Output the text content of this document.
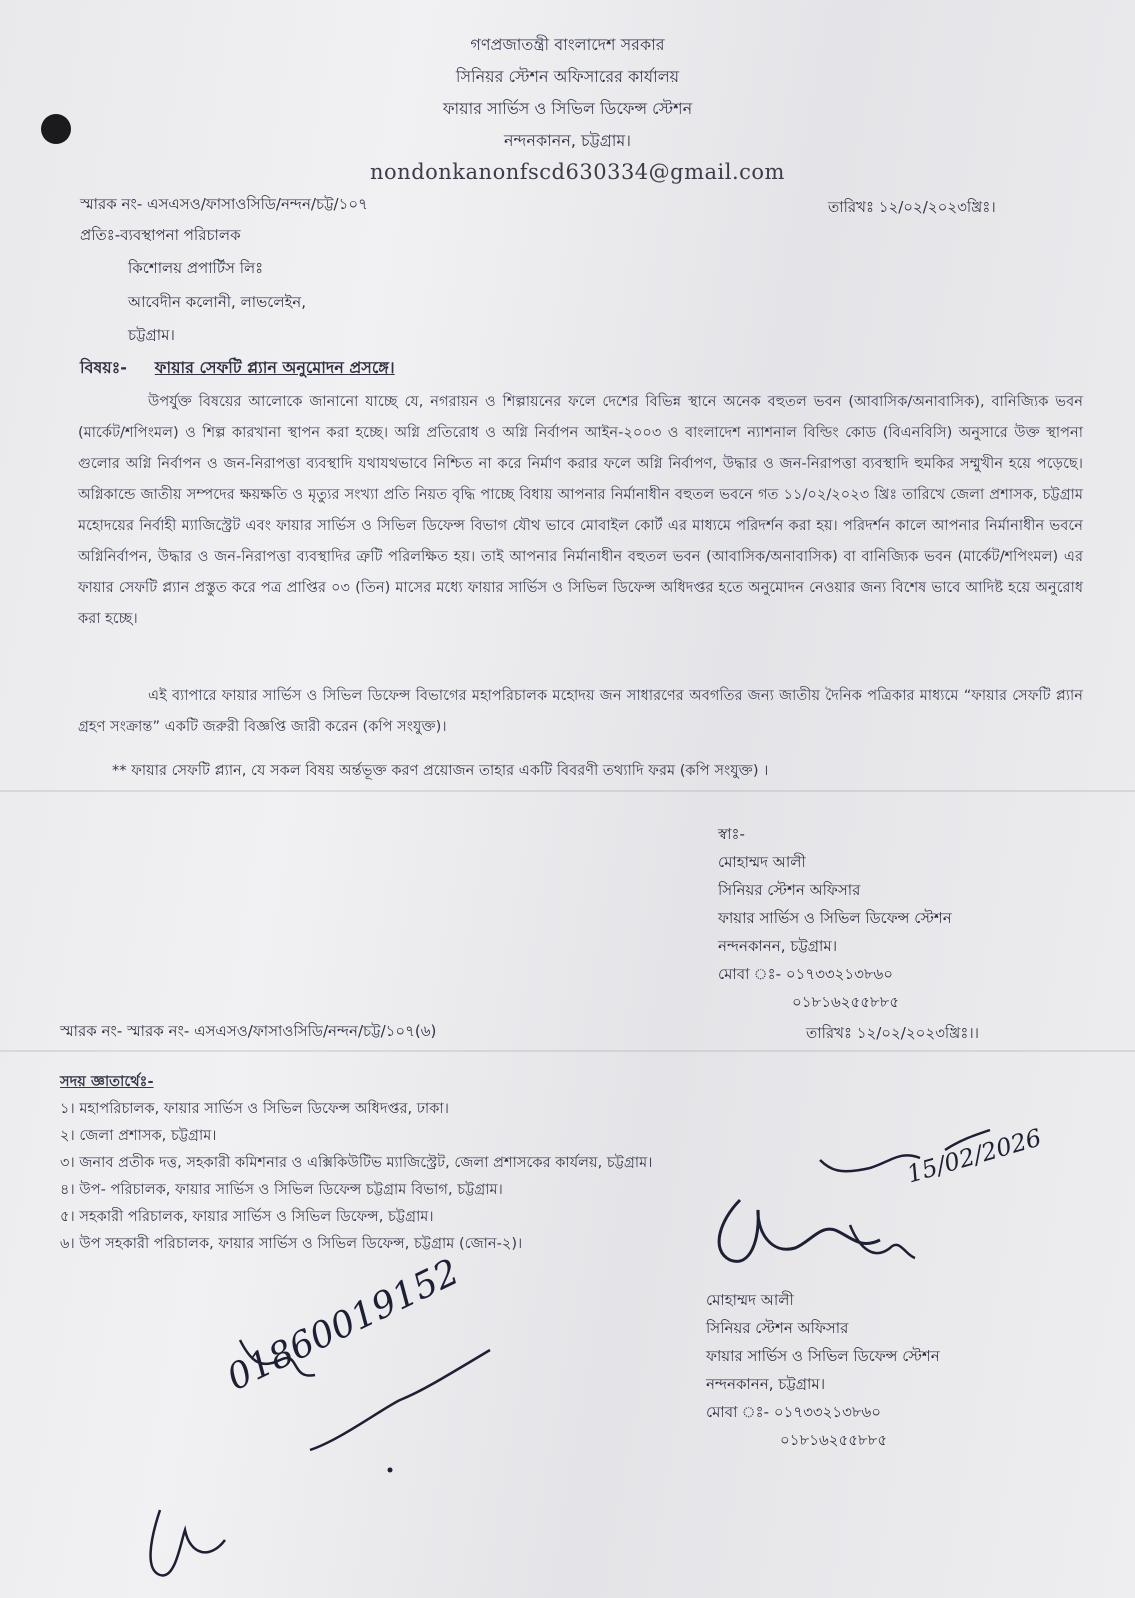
গণপ্রজাতন্ত্রী বাংলাদেশ সরকার
সিনিয়র স্টেশন অফিসারের কার্যালয়
ফায়ার সার্ভিস ও সিভিল ডিফেন্স স্টেশন
নন্দনকানন, চট্টগ্রাম।
nondonkanonfscd630334@gmail.com
স্মারক নং- এসএসও/ফাসাওসিডি/নন্দন/চট্ট/১০৭	তারিখঃ ১২/০২/২০২৩খ্রিঃ।
প্রতিঃ-ব্যবস্থাপনা পরিচালক
কিশোলয় প্রপার্টিস লিঃ
আবেদীন কলোনী, লাভলেইন,
চট্টগ্রাম।
বিষয়ঃ- ফায়ার সেফটি প্ল্যান অনুমোদন প্রসঙ্গে।
উপর্যুক্ত বিষয়ের আলোকে জানানো যাচ্ছে যে, নগরায়ন ও শিল্পায়নের ফলে দেশের বিভিন্ন স্থানে অনেক বহুতল ভবন (আবাসিক/অনাবাসিক), বানিজ্যিক ভবন (মার্কেট/শপিংমল) ও শিল্প কারখানা স্থাপন করা হচ্ছে। অগ্নি প্রতিরোধ ও অগ্নি নির্বাপন আইন-২০০৩ ও বাংলাদেশ ন্যাশনাল বিল্ডিং কোড (বিএনবিসি) অনুসারে উক্ত স্থাপনা গুলোর অগ্নি নির্বাপন ও জন-নিরাপত্তা ব্যবস্থাদি যথাযথভাবে নিশ্চিত না করে নির্মাণ করার ফলে অগ্নি নির্বাপণ, উদ্ধার ও জন-নিরাপত্তা ব্যবস্থাদি হুমকির সম্মুখীন হয়ে পড়েছে। অগ্নিকান্ডে জাতীয় সম্পদের ক্ষয়ক্ষতি ও মৃত্যুর সংখ্যা প্রতি নিয়ত বৃদ্ধি পাচ্ছে বিধায় আপনার নির্মানাধীন বহুতল ভবনে গত ১১/০২/২০২৩ খ্রিঃ তারিখে জেলা প্রশাসক, চট্টগ্রাম মহোদয়ের নির্বাহী ম্যাজিস্ট্রেট এবং ফায়ার সার্ভিস ও সিভিল ডিফেন্স বিভাগ যৌথ ভাবে মোবাইল কোর্ট এর মাধ্যমে পরিদর্শন করা হয়। পরিদর্শন কালে আপনার নির্মানাধীন ভবনে অগ্নিনির্বাপন, উদ্ধার ও জন-নিরাপত্তা ব্যবস্থাদির ত্রুটি পরিলক্ষিত হয়। তাই আপনার নির্মানাধীন বহুতল ভবন (আবাসিক/অনাবাসিক) বা বানিজ্যিক ভবন (মার্কেট/শপিংমল) এর ফায়ার সেফটি প্ল্যান প্রস্তুত করে পত্র প্রাপ্তির ০৩ (তিন) মাসের মধ্যে ফায়ার সার্ভিস ও সিভিল ডিফেন্স অধিদপ্তর হতে অনুমোদন নেওয়ার জন্য বিশেষ ভাবে আদিষ্ট হয়ে অনুরোধ করা হচ্ছে।
এই ব্যাপারে ফায়ার সার্ভিস ও সিভিল ডিফেন্স বিভাগের মহাপরিচালক মহোদয় জন সাধারণের অবগতির জন্য জাতীয় দৈনিক পত্রিকার মাধ্যমে “ফায়ার সেফটি প্ল্যান গ্রহণ সংক্রান্ত” একটি জরুরী বিজ্ঞপ্তি জারী করেন (কপি সংযুক্ত)।
** ফায়ার সেফটি প্ল্যান, যে সকল বিষয় অর্ন্তভূক্ত করণ প্রয়োজন তাহার একটি বিবরণী তথ্যাদি ফরম (কপি সংযুক্ত) ।
স্বাঃ-
মোহাম্মদ আলী
সিনিয়র স্টেশন অফিসার
ফায়ার সার্ভিস ও সিভিল ডিফেন্স স্টেশন
নন্দনকানন, চট্টগ্রাম।
মোবা ঃ- ০১৭৩৩২১৩৮৬০
০১৮১৬২৫৫৮৮৫
স্মারক নং- স্মারক নং- এসএসও/ফাসাওসিডি/নন্দন/চট্ট/১০৭(৬)	তারিখঃ ১২/০২/২০২৩খ্রিঃ।।
সদয় জ্ঞাতার্থেঃ-
১। মহাপরিচালক, ফায়ার সার্ভিস ও সিভিল ডিফেন্স অধিদপ্তর, ঢাকা।
২। জেলা প্রশাসক, চট্টগ্রাম।
৩। জনাব প্রতীক দত্ত, সহকারী কমিশনার ও এক্সিকিউটিভ ম্যাজিস্ট্রেট, জেলা প্রশাসকের কার্যলয়, চট্টগ্রাম।
৪। উপ- পরিচালক, ফায়ার সার্ভিস ও সিভিল ডিফেন্স চট্টগ্রাম বিভাগ, চট্টগ্রাম।
৫। সহকারী পরিচালক, ফায়ার সার্ভিস ও সিভিল ডিফেন্স, চট্টগ্রাম।
৬। উপ সহকারী পরিচালক, ফায়ার সার্ভিস ও সিভিল ডিফেন্স, চট্টগ্রাম (জোন-২)।
মোহাম্মদ আলী
সিনিয়র স্টেশন অফিসার
ফায়ার সার্ভিস ও সিভিল ডিফেন্স স্টেশন
নন্দনকানন, চট্টগ্রাম।
মোবা ঃ- ০১৭৩৩২১৩৮৬০
০১৮১৬২৫৫৮৮৫
15/02/2026
01860019152
